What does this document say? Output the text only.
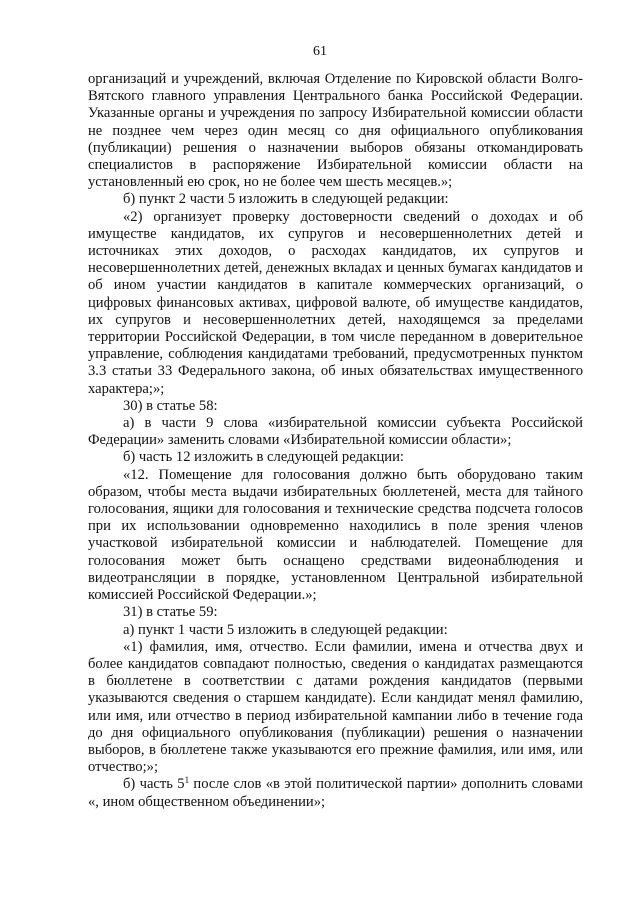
61

организаций и учреждений, включая Отделение по Кировской области Волго-Вятского главного управления Центрального банка Российской Федерации. Указанные органы и учреждения по запросу Избирательной комиссии области не позднее чем через один месяц со дня официального опубликования (публикации) решения о назначении выборов обязаны откомандировать специалистов в распоряжение Избирательной комиссии области на установленный ею срок, но не более чем шесть месяцев.»;

б) пункт 2 части 5 изложить в следующей редакции:

«2) организует проверку достоверности сведений о доходах и об имуществе кандидатов, их супругов и несовершеннолетних детей и источниках этих доходов, о расходах кандидатов, их супругов и несовершеннолетних детей, денежных вкладах и ценных бумагах кандидатов и об ином участии кандидатов в капитале коммерческих организаций, о цифровых финансовых активах, цифровой валюте, об имуществе кандидатов, их супругов и несовершеннолетних детей, находящемся за пределами территории Российской Федерации, в том числе переданном в доверительное управление, соблюдения кандидатами требований, предусмотренных пунктом 3.3 статьи 33 Федерального закона, об иных обязательствах имущественного характера;»;

30) в статье 58:

а) в части 9 слова «избирательной комиссии субъекта Российской Федерации» заменить словами «Избирательной комиссии области»;

б) часть 12 изложить в следующей редакции:

«12. Помещение для голосования должно быть оборудовано таким образом, чтобы места выдачи избирательных бюллетеней, места для тайного голосования, ящики для голосования и технические средства подсчета голосов при их использовании одновременно находились в поле зрения членов участковой избирательной комиссии и наблюдателей. Помещение для голосования может быть оснащено средствами видеонаблюдения и видеотрансляции в порядке, установленном Центральной избирательной комиссией Российской Федерации.»;

31) в статье 59:

а) пункт 1 части 5 изложить в следующей редакции:

«1) фамилия, имя, отчество. Если фамилии, имена и отчества двух и более кандидатов совпадают полностью, сведения о кандидатах размещаются в бюллетене в соответствии с датами рождения кандидатов (первыми указываются сведения о старшем кандидате). Если кандидат менял фамилию, или имя, или отчество в период избирательной кампании либо в течение года до дня официального опубликования (публикации) решения о назначении выборов, в бюллетене также указываются его прежние фамилия, или имя, или отчество;»;

б) часть $5^1$ после слов «в этой политической партии» дополнить словами «, ином общественном объединении»;
